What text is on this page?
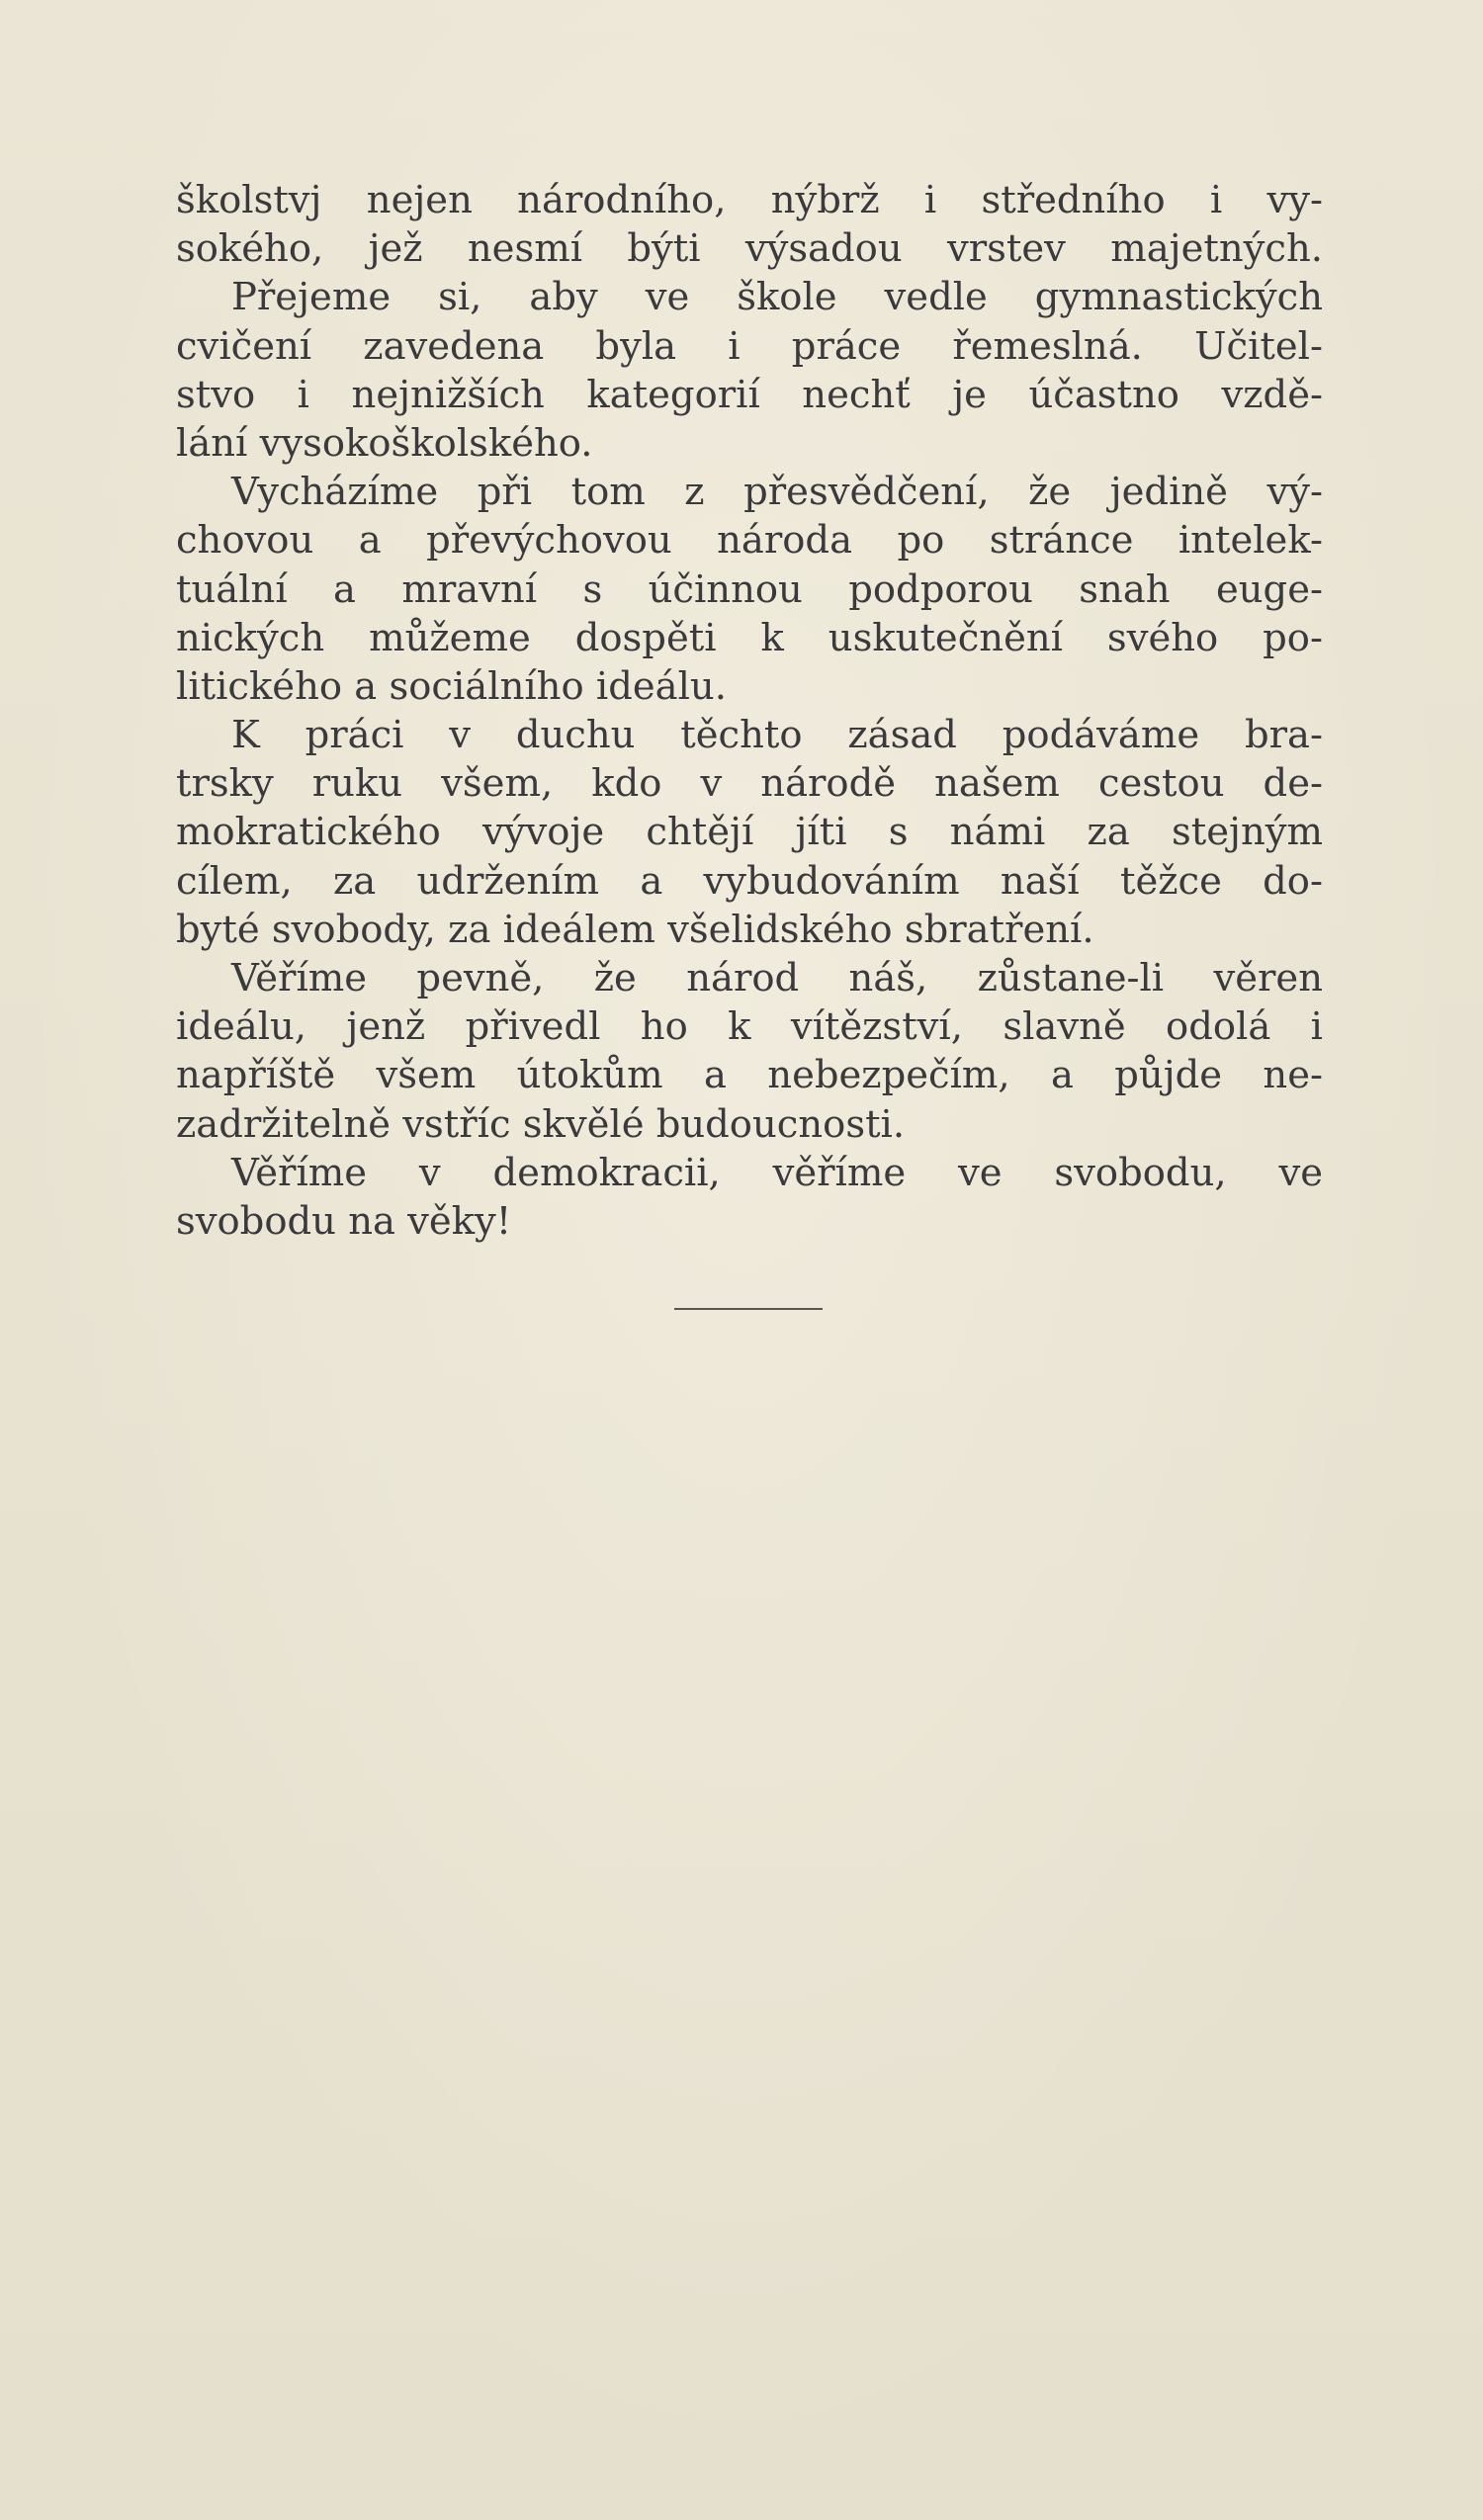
školstvj nejen národního, nýbrž i středního i vy-
sokého, jež nesmí býti výsadou vrstev majetných.
Přejeme si, aby ve škole vedle gymnastických
cvičení zavedena byla i práce řemeslná. Učitel-
stvo i nejnižších kategorií nechť je účastno vzdě-
lání vysokoškolského.
Vycházíme při tom z přesvědčení, že jedině vý-
chovou a převýchovou národa po stránce intelek-
tuální a mravní s účinnou podporou snah euge-
nických můžeme dospěti k uskutečnění svého po-
litického a sociálního ideálu.
K práci v duchu těchto zásad podáváme bra-
trsky ruku všem, kdo v národě našem cestou de-
mokratického vývoje chtějí jíti s námi za stejným
cílem, za udržením a vybudováním naší těžce do-
byté svobody, za ideálem všelidského sbratření.
Věříme pevně, že národ náš, zůstane-li věren
ideálu, jenž přivedl ho k vítězství, slavně odolá i
napříště všem útokům a nebezpečím, a půjde ne-
zadržitelně vstříc skvělé budoucnosti.
Věříme v demokracii, věříme ve svobodu, ve
svobodu na věky!
